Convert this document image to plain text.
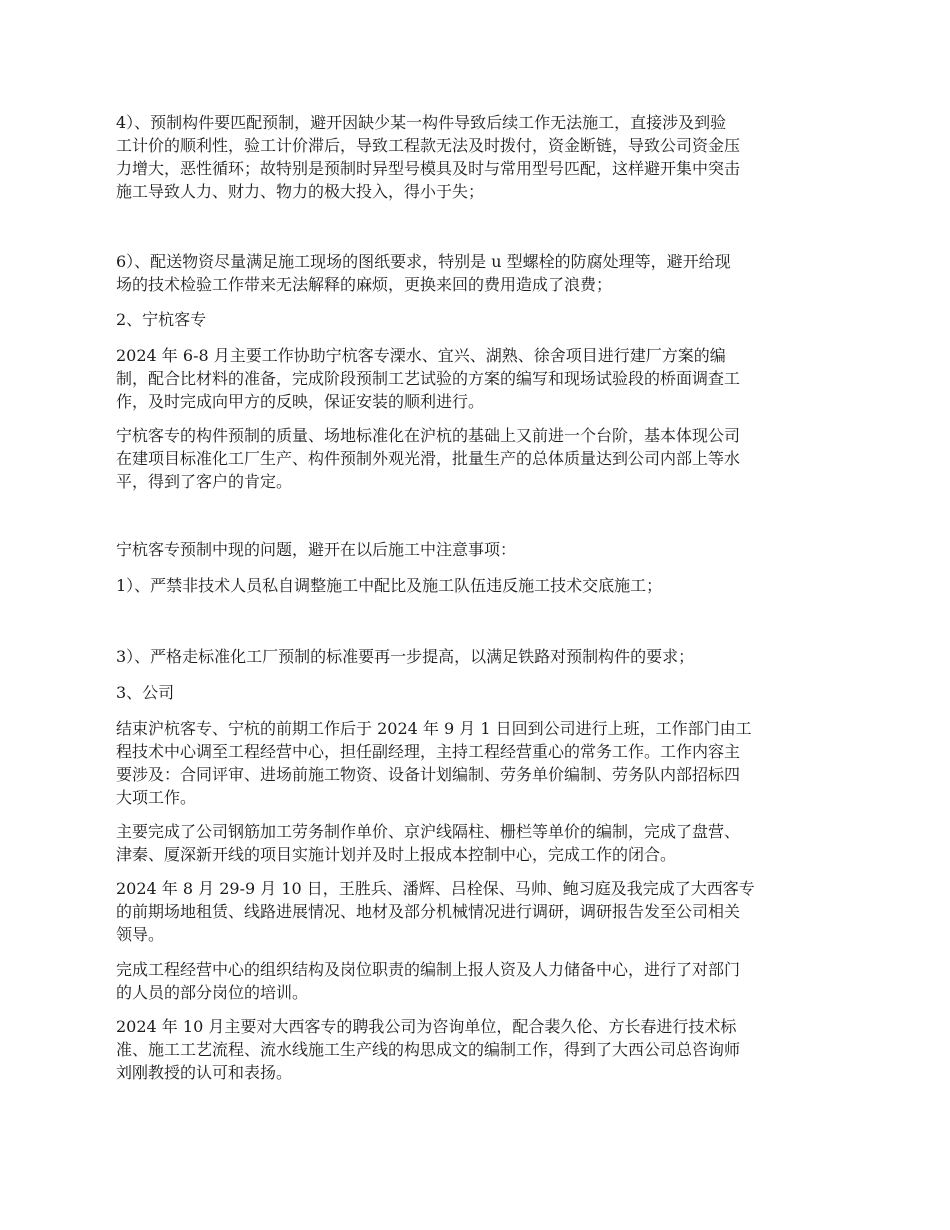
4）、预制构件要匹配预制，避开因缺少某一构件导致后续工作无法施工，直接涉及到验
工计价的顺利性，验工计价滞后，导致工程款无法及时拨付，资金断链，导致公司资金压
力增大，恶性循环；故特别是预制时异型号模具及时与常用型号匹配，这样避开集中突击
施工导致人力、财力、物力的极大投入，得小于失；

6）、配送物资尽量满足施工现场的图纸要求，特别是 u 型螺栓的防腐处理等，避开给现
场的技术检验工作带来无法解释的麻烦，更换来回的费用造成了浪费；

2、宁杭客专

2024 年 6-8 月主要工作协助宁杭客专溧水、宜兴、湖熟、徐舍项目进行建厂方案的编
制，配合比材料的准备，完成阶段预制工艺试验的方案的编写和现场试验段的桥面调查工
作，及时完成向甲方的反映，保证安装的顺利进行。

宁杭客专的构件预制的质量、场地标准化在沪杭的基础上又前进一个台阶，基本体现公司
在建项目标准化工厂生产、构件预制外观光滑，批量生产的总体质量达到公司内部上等水
平，得到了客户的肯定。

宁杭客专预制中现的问题，避开在以后施工中注意事项：

1）、严禁非技术人员私自调整施工中配比及施工队伍违反施工技术交底施工；

3）、严格走标准化工厂预制的标准要再一步提高，以满足铁路对预制构件的要求；

3、公司

结束沪杭客专、宁杭的前期工作后于 2024 年 9 月 1 日回到公司进行上班，工作部门由工
程技术中心调至工程经营中心，担任副经理，主持工程经营重心的常务工作。工作内容主
要涉及：合同评审、进场前施工物资、设备计划编制、劳务单价编制、劳务队内部招标四
大项工作。

主要完成了公司钢筋加工劳务制作单价、京沪线隔柱、栅栏等单价的编制，完成了盘营、
津秦、厦深新开线的项目实施计划并及时上报成本控制中心，完成工作的闭合。

2024 年 8 月 29-9 月 10 日，王胜兵、潘辉、吕栓保、马帅、鲍习庭及我完成了大西客专
的前期场地租赁、线路进展情况、地材及部分机械情况进行调研，调研报告发至公司相关
领导。

完成工程经营中心的组织结构及岗位职责的编制上报人资及人力储备中心，进行了对部门
的人员的部分岗位的培训。

2024 年 10 月主要对大西客专的聘我公司为咨询单位，配合裴久伦、方长春进行技术标
准、施工工艺流程、流水线施工生产线的构思成文的编制工作，得到了大西公司总咨询师
刘刚教授的认可和表扬。
